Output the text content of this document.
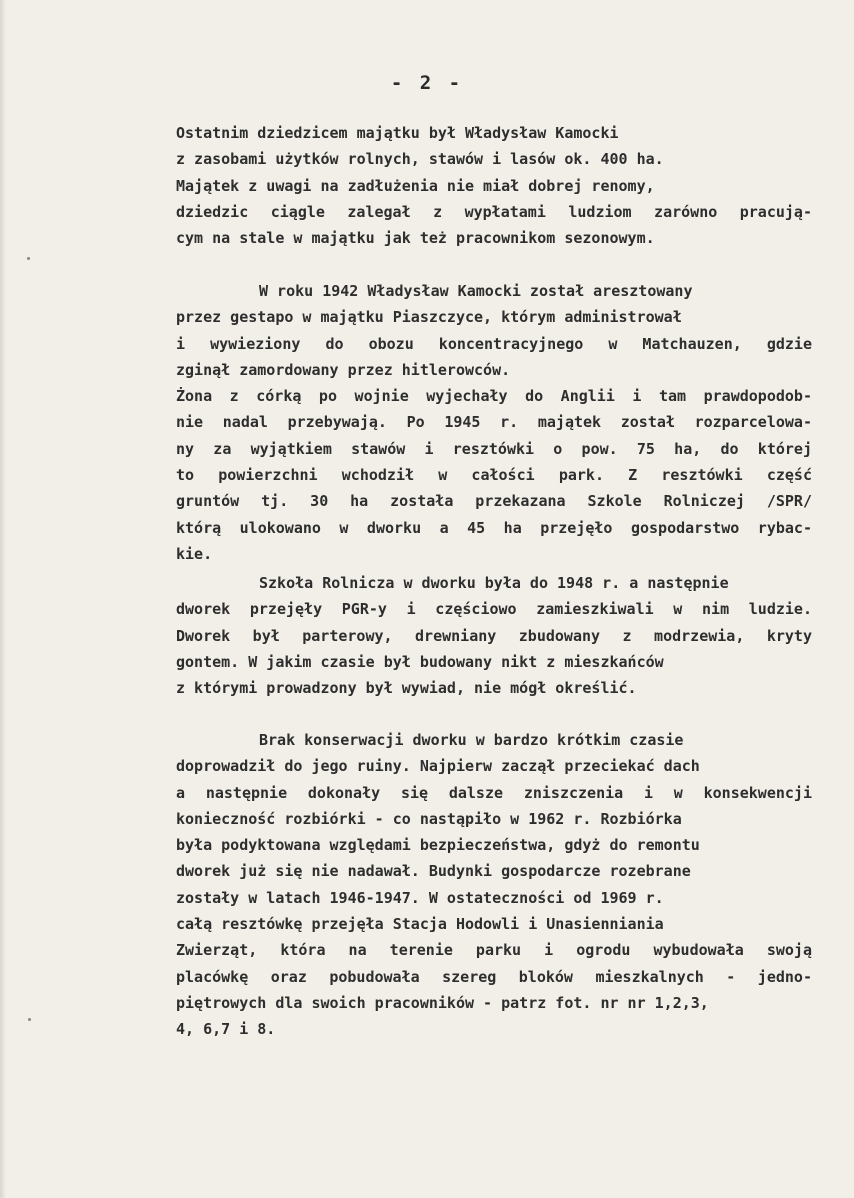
- 2 -
Ostatnim dziedzicem majątku był Władysław Kamocki
z zasobami użytków rolnych, stawów i lasów ok. 400 ha.
Majątek z uwagi na zadłużenia nie miał dobrej renomy,
dziedzic ciągle zalegał z wypłatami ludziom zarówno pracują-
cym na stale w majątku jak też pracownikom sezonowym.
W roku 1942 Władysław Kamocki został aresztowany
przez gestapo w majątku Piaszczyce, którym administrował
i wywieziony do obozu koncentracyjnego w Matchauzen, gdzie
zginął zamordowany przez hitlerowców.
Żona z córką po wojnie wyjechały do Anglii i tam prawdopodob-
nie nadal przebywają. Po 1945 r. majątek został rozparcelowa-
ny za wyjątkiem stawów i resztówki o pow. 75 ha, do której
to powierzchni wchodził w całości park. Z resztówki część
gruntów tj. 30 ha została przekazana Szkole Rolniczej /SPR/
którą ulokowano w dworku a 45 ha przejęło gospodarstwo rybac-
kie.
Szkoła Rolnicza w dworku była do 1948 r. a następnie
dworek przejęły PGR-y i częściowo zamieszkiwali w nim ludzie.
Dworek był parterowy, drewniany zbudowany z modrzewia, kryty
gontem. W jakim czasie był budowany nikt z mieszkańców
z którymi prowadzony był wywiad, nie mógł określić.
Brak konserwacji dworku w bardzo krótkim czasie
doprowadził do jego ruiny. Najpierw zaczął przeciekać dach
a następnie dokonały się dalsze zniszczenia i w konsekwencji
konieczność rozbiórki - co nastąpiło w 1962 r. Rozbiórka
była podyktowana względami bezpieczeństwa, gdyż do remontu
dworek już się nie nadawał. Budynki gospodarcze rozebrane
zostały w latach 1946-1947. W ostateczności od 1969 r.
całą resztówkę przejęła Stacja Hodowli i Unasienniania
Zwierząt, która na terenie parku i ogrodu wybudowała swoją
placówkę oraz pobudowała szereg bloków mieszkalnych - jedno-
piętrowych dla swoich pracowników - patrz fot. nr nr 1,2,3,
4, 6,7 i 8.
